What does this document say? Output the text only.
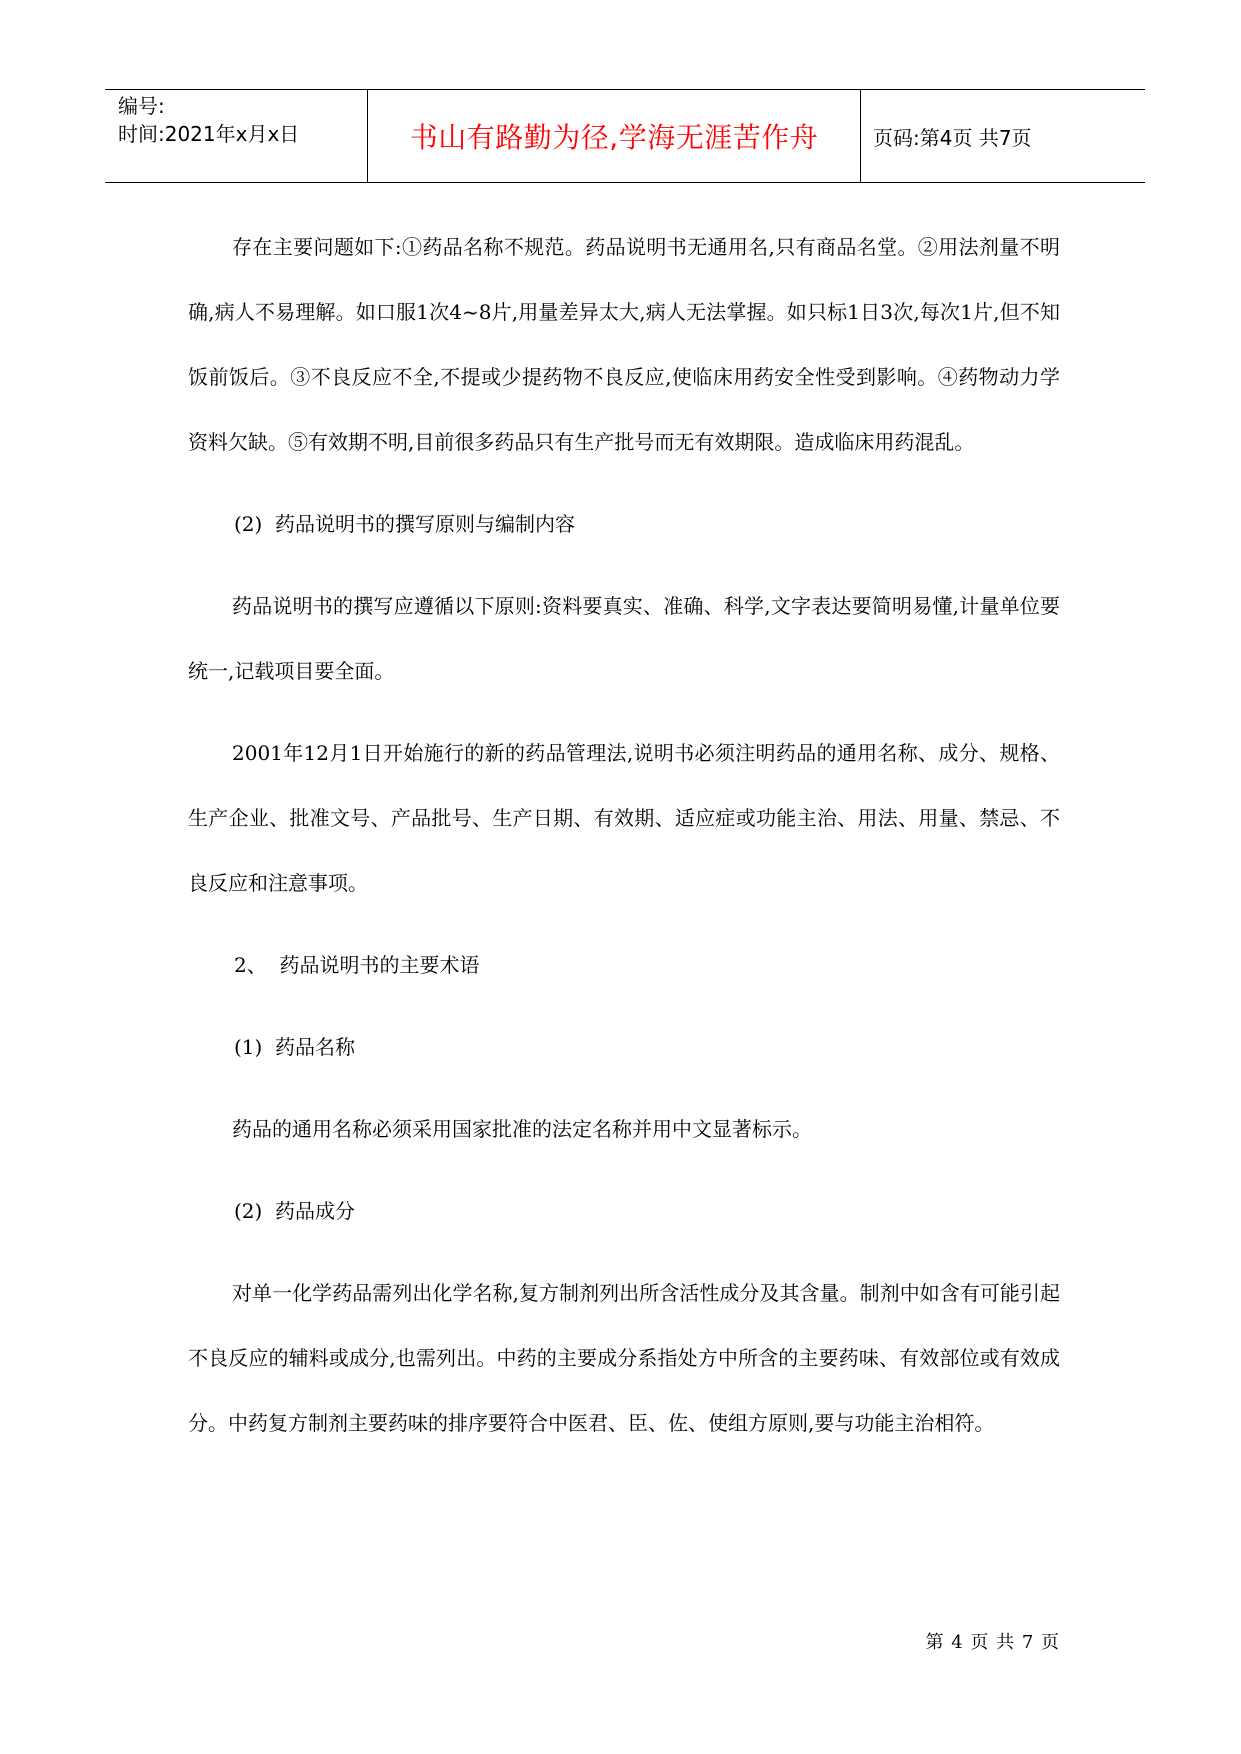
编号:
时间:2021年x月x日	书山有路勤为径,学海无涯苦作舟	页码:第4页 共7页

存在主要问题如下:①药品名称不规范。药品说明书无通用名,只有商品名堂。②用法剂量不明确,病人不易理解。如口服1次4~8片,用量差异太大,病人无法掌握。如只标1日3次,每次1片,但不知饭前饭后。③不良反应不全,不提或少提药物不良反应,使临床用药安全性受到影响。④药物动力学资料欠缺。⑤有效期不明,目前很多药品只有生产批号而无有效期限。造成临床用药混乱。

(2)  药品说明书的撰写原则与编制内容

药品说明书的撰写应遵循以下原则:资料要真实、准确、科学,文字表达要简明易懂,计量单位要统一,记载项目要全面。

2001年12月1日开始施行的新的药品管理法,说明书必须注明药品的通用名称、成分、规格、生产企业、批准文号、产品批号、生产日期、有效期、适应症或功能主治、用法、用量、禁忌、不良反应和注意事项。

2、  药品说明书的主要术语

(1)  药品名称

药品的通用名称必须采用国家批准的法定名称并用中文显著标示。

(2)  药品成分

对单一化学药品需列出化学名称,复方制剂列出所含活性成分及其含量。制剂中如含有可能引起不良反应的辅料或成分,也需列出。中药的主要成分系指处方中所含的主要药味、有效部位或有效成分。中药复方制剂主要药味的排序要符合中医君、臣、佐、使组方原则,要与功能主治相符。

第 4 页 共 7 页
